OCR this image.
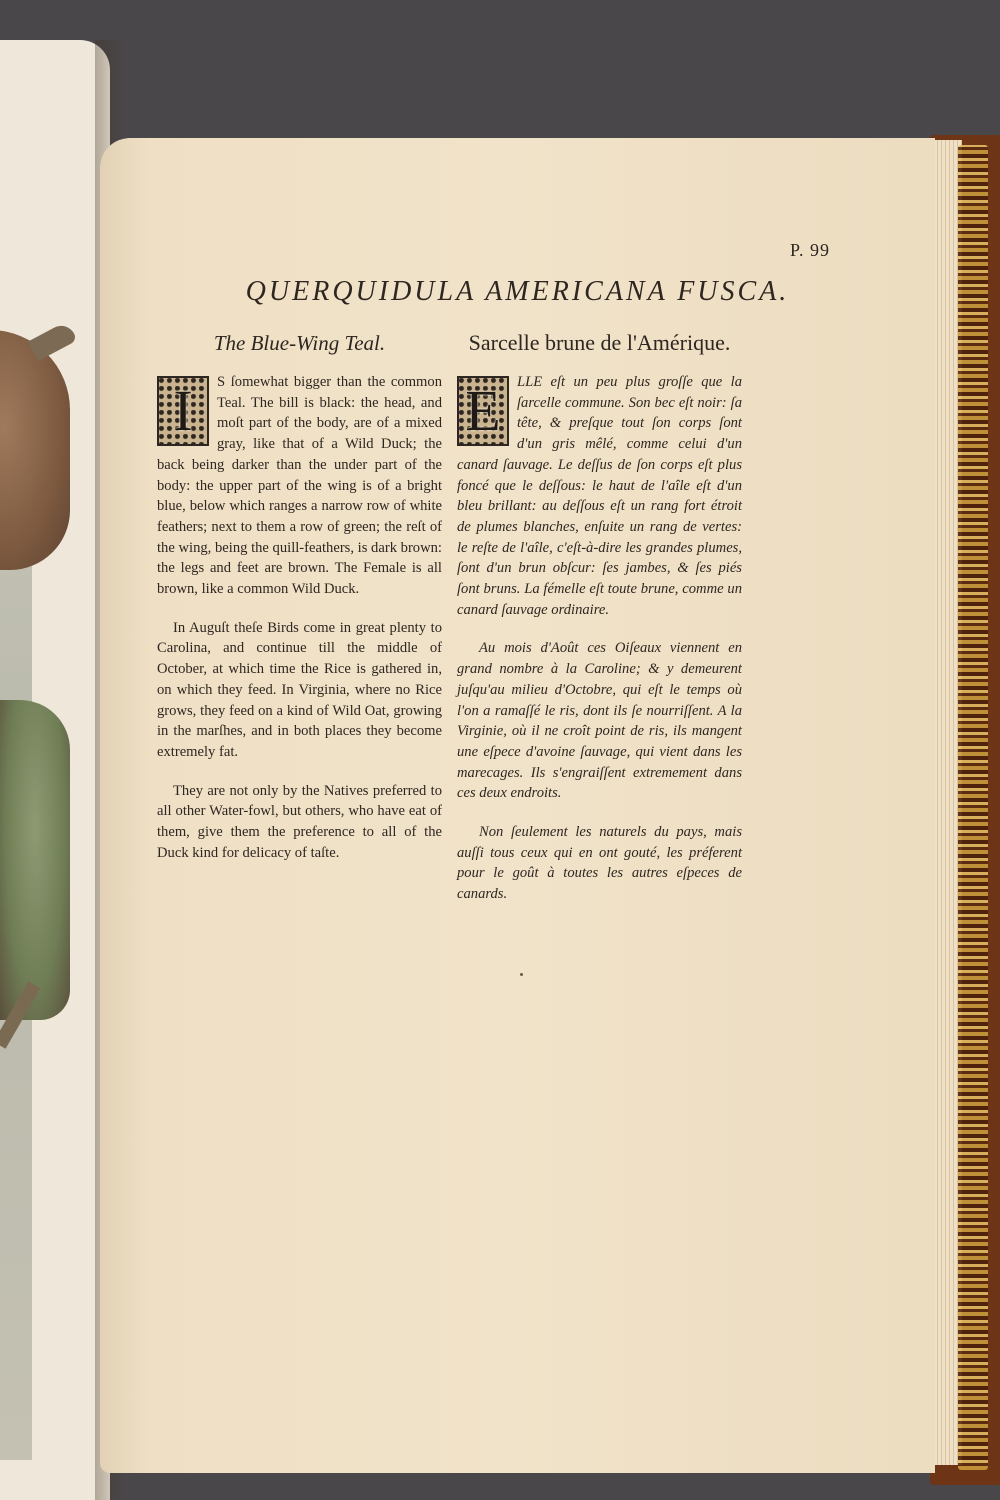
P. 99
QUERQUIDULA AMERICANA FUSCA.
The Blue-Wing Teal.

I	S ſomewhat bigger than the common Teal. The bill is black: the head, and moſt part of the body, are of a mixed gray, like that of a Wild Duck; the back being darker than the under part of the body: the upper part of the wing is of a bright blue, below which ranges a narrow row of white feathers; next to them a row of green; the reſt of the wing, being the quill-feathers, is dark brown: the legs and feet are brown. The Female is all brown, like a common Wild Duck.

In Auguſt theſe Birds come in great plenty to Carolina, and continue till the middle of October, at which time the Rice is gathered in, on which they feed. In Virginia, where no Rice grows, they feed on a kind of Wild Oat, growing in the marſhes, and in both places they become extremely fat.

They are not only by the Natives preferred to all other Water-fowl, but others, who have eat of them, give them the preference to all of the Duck kind for delicacy of taſte.

Sarcelle brune de l'Amérique.

E	LLE eſt un peu plus groſſe que la ſarcelle commune. Son bec eſt noir: ſa tête, & preſque tout ſon corps ſont d'un gris mêlé, comme celui d'un canard ſauvage. Le deſſus de ſon corps eſt plus foncé que le deſſous: le haut de l'aîle eſt d'un bleu brillant: au deſſous eſt un rang fort étroit de plumes blanches, enſuite un rang de vertes: le reſte de l'aîle, c'eſt-à-dire les grandes plumes, ſont d'un brun obſcur: ſes jambes, & ſes piés ſont bruns. La fémelle eſt toute brune, comme un canard ſauvage ordinaire.

Au mois d'Août ces Oiſeaux viennent en grand nombre à la Caroline; & y demeurent juſqu'au milieu d'Octobre, qui eſt le temps où l'on a ramaſſé le ris, dont ils ſe nourriſſent. A la Virginie, où il ne croît point de ris, ils mangent une eſpece d'avoine ſauvage, qui vient dans les marecages. Ils s'engraiſſent extremement dans ces deux endroits.

Non ſeulement les naturels du pays, mais auſſi tous ceux qui en ont gouté, les préferent pour le goût à toutes les autres eſpeces de canards.
